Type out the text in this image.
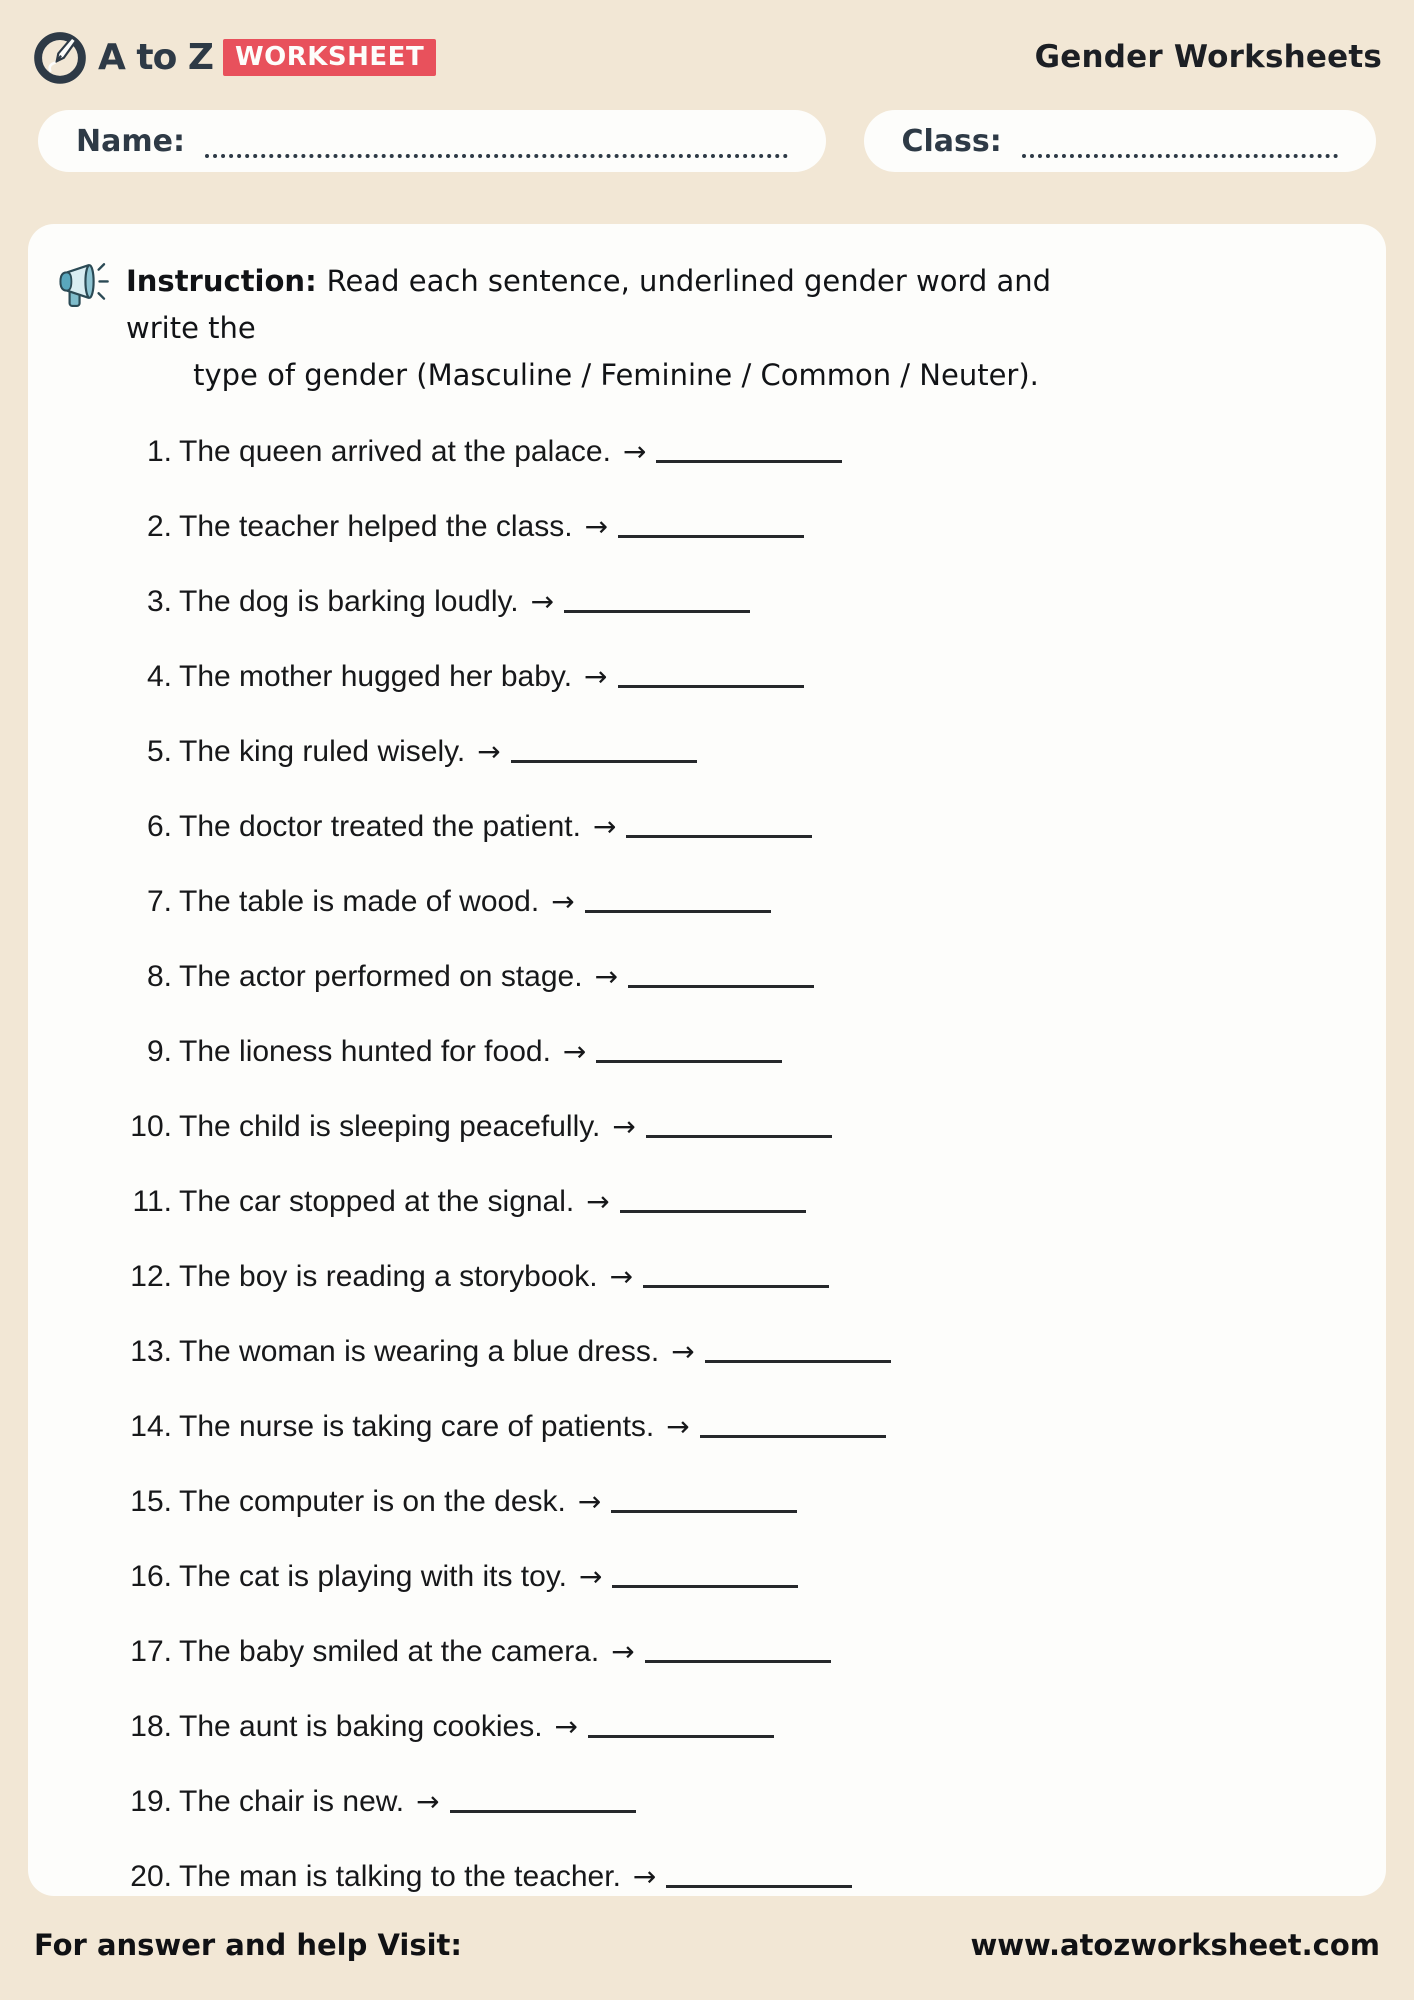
A to Z WORKSHEET	Gender Worksheets
Name:	Class:
Instruction: Read each sentence, underlined gender word and write the
type of gender (Masculine / Feminine / Common / Neuter).
1. The queen arrived at the palace. →
2. The teacher helped the class. →
3. The dog is barking loudly. →
4. The mother hugged her baby. →
5. The king ruled wisely. →
6. The doctor treated the patient. →
7. The table is made of wood. →
8. The actor performed on stage. →
9. The lioness hunted for food. →
10. The child is sleeping peacefully. →
11. The car stopped at the signal. →
12. The boy is reading a storybook. →
13. The woman is wearing a blue dress. →
14. The nurse is taking care of patients. →
15. The computer is on the desk. →
16. The cat is playing with its toy. →
17. The baby smiled at the camera. →
18. The aunt is baking cookies. →
19. The chair is new. →
20. The man is talking to the teacher. →
For answer and help Visit:	www.atozworksheet.com
